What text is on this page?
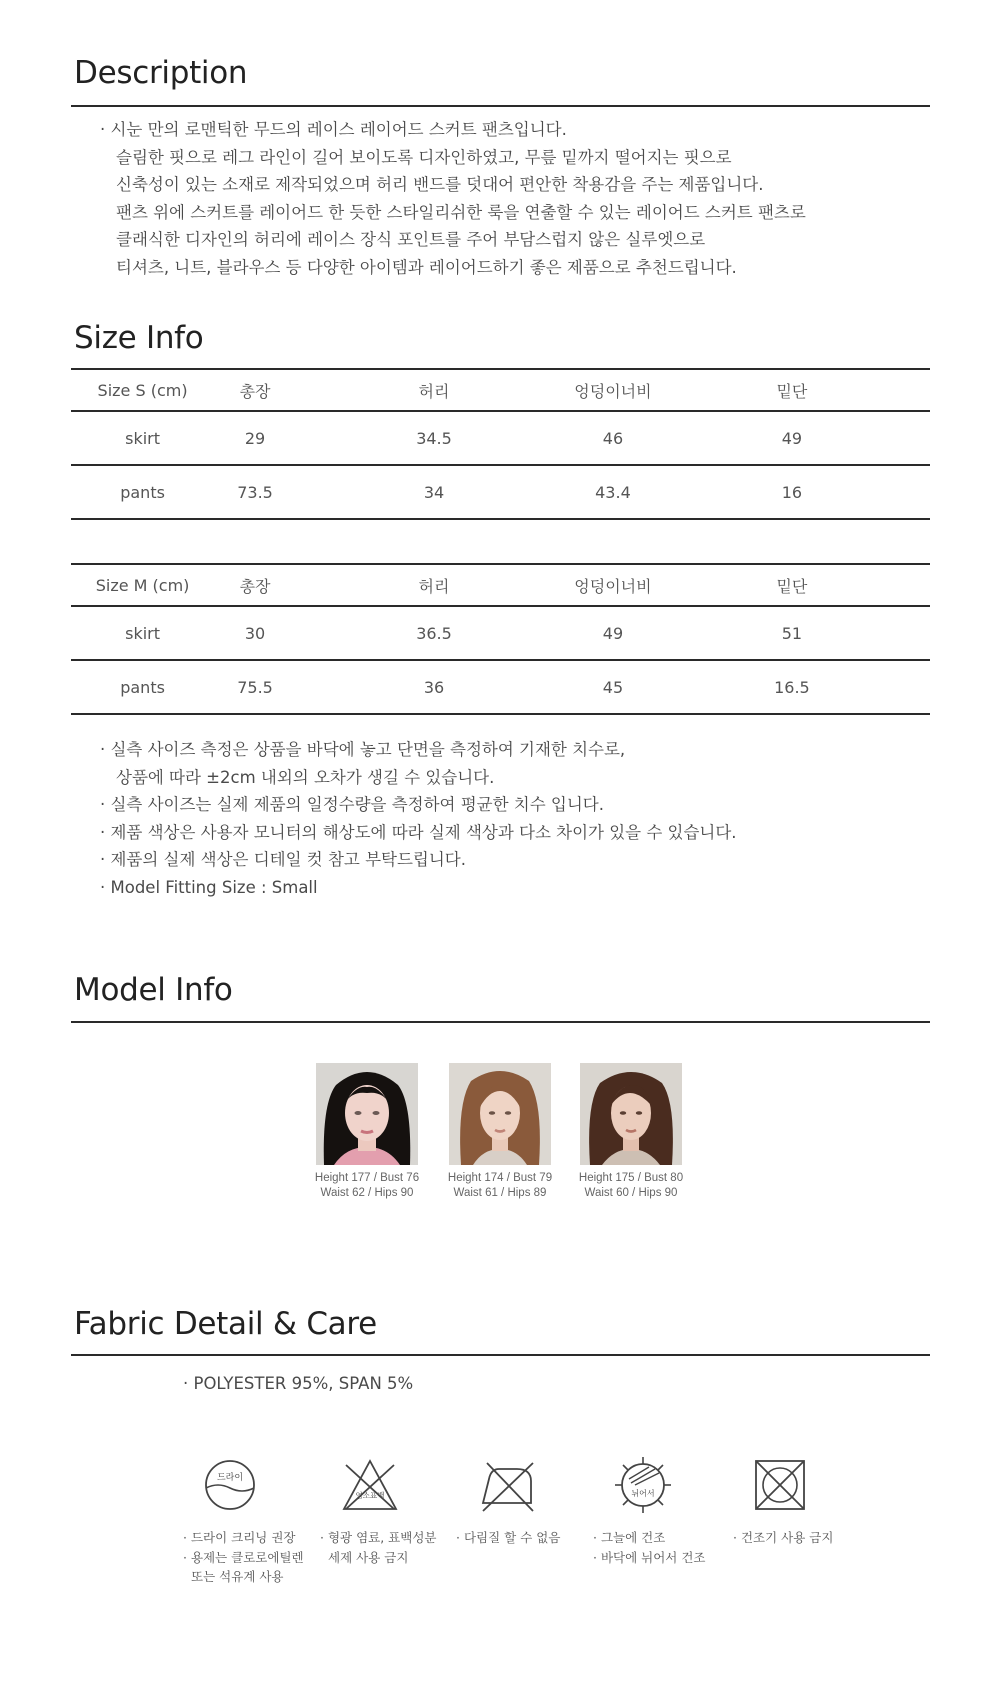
Description
· 시눈 만의 로맨틱한 무드의 레이스 레이어드 스커트 팬츠입니다.
슬림한 핏으로 레그 라인이 길어 보이도록 디자인하였고, 무릎 밑까지 떨어지는 핏으로
신축성이 있는 소재로 제작되었으며 허리 밴드를 덧대어 편안한 착용감을 주는 제품입니다.
팬츠 위에 스커트를 레이어드 한 듯한 스타일리쉬한 룩을 연출할 수 있는 레이어드 스커트 팬츠로
클래식한 디자인의 허리에 레이스 장식 포인트를 주어 부담스럽지 않은 실루엣으로
티셔츠, 니트, 블라우스 등 다양한 아이템과 레이어드하기 좋은 제품으로 추천드립니다.
Size Info
Size S (cm)	총장	허리	엉덩이너비	밑단
skirt	29	34.5	46	49
pants	73.5	34	43.4	16
Size M (cm)	총장	허리	엉덩이너비	밑단
skirt	30	36.5	49	51
pants	75.5	36	45	16.5
· 실측 사이즈 측정은 상품을 바닥에 놓고 단면을 측정하여 기재한 치수로,
상품에 따라 ±2cm 내외의 오차가 생길 수 있습니다.
· 실측 사이즈는 실제 제품의 일정수량을 측정하여 평균한 치수 입니다.
· 제품 색상은 사용자 모니터의 해상도에 따라 실제 색상과 다소 차이가 있을 수 있습니다.
· 제품의 실제 색상은 디테일 컷 참고 부탁드립니다.
· Model Fitting Size : Small
Model Info
Height 177 / Bust 76
Waist 62 / Hips 90
Height 174 / Bust 79
Waist 61 / Hips 89
Height 175 / Bust 80
Waist 60 / Hips 90
Fabric Detail & Care
· POLYESTER 95%, SPAN 5%
드라이
염소표백	뉘어서
· 드라이 크리닝 권장
· 용제는 클로로에틸렌
또는 석유계 사용
· 형광 염료, 표백성분
세제 사용 금지
· 다림질 할 수 없음	· 그늘에 건조
· 바닥에 뉘어서 건조
· 건조기 사용 금지
